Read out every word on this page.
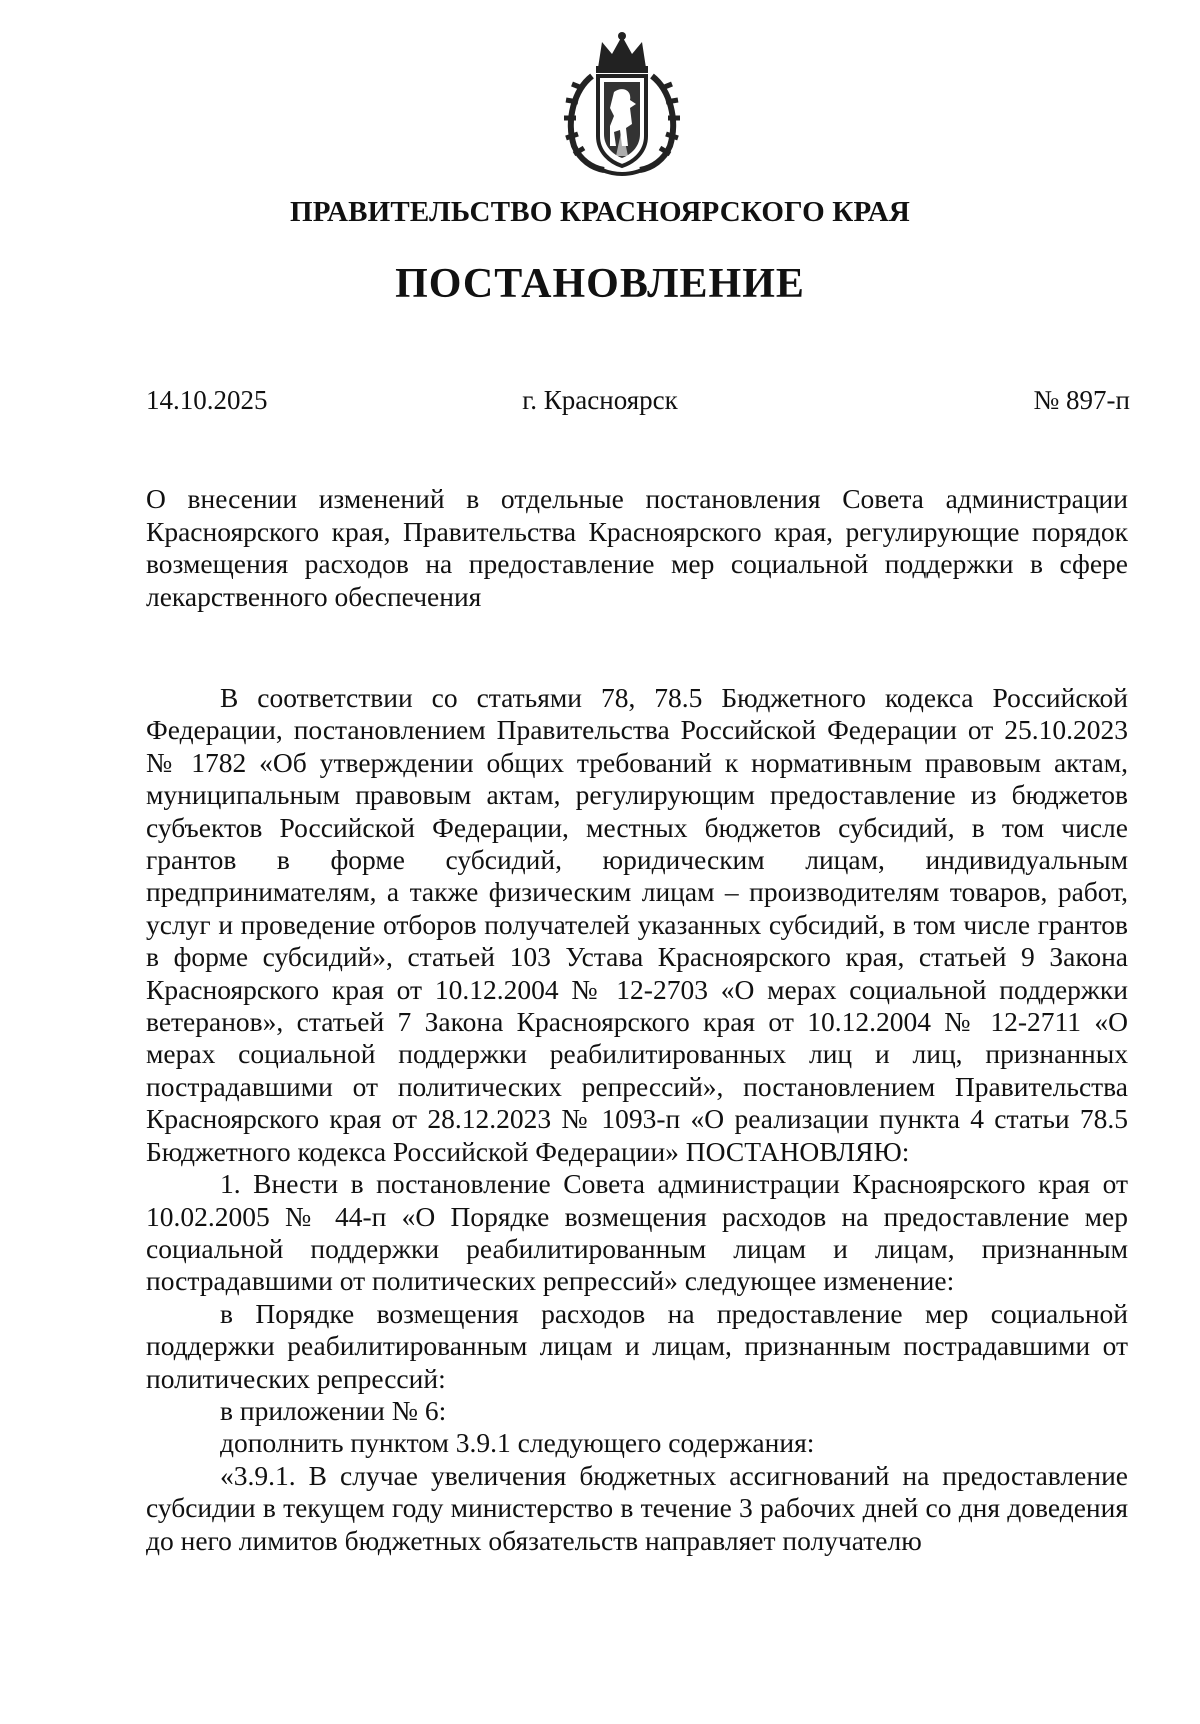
ПРАВИТЕЛЬСТВО КРАСНОЯРСКОГО КРАЯ
ПОСТАНОВЛЕНИЕ
14.10.2025	г. Красноярск	№ 897-п
О внесении изменений в отдельные постановления Совета администрации Красноярского края, Правительства Красноярского края, регулирующие порядок возмещения расходов на предоставление мер социальной поддержки в сфере лекарственного обеспечения

В соответствии со статьями 78, 78.5 Бюджетного кодекса Российской Федерации, постановлением Правительства Российской Федерации от 25.10.2023 № 1782 «Об утверждении общих требований к нормативным правовым актам, муниципальным правовым актам, регулирующим предоставление из бюджетов субъектов Российской Федерации, местных бюджетов субсидий, в том числе грантов в форме субсидий, юридическим лицам, индивидуальным предпринимателям, а также физическим лицам – производителям товаров, работ, услуг и проведение отборов получателей указанных субсидий, в том числе грантов в форме субсидий», статьей 103 Устава Красноярского края, статьей 9 Закона Красноярского края от 10.12.2004 № 12-2703 «О мерах социальной поддержки ветеранов», статьей 7 Закона Красноярского края от 10.12.2004 № 12-2711 «О мерах социальной поддержки реабилитированных лиц и лиц, признанных пострадавшими от политических репрессий», постановлением Правительства Красноярского края от 28.12.2023 № 1093-п «О реализации пункта 4 статьи 78.5 Бюджетного кодекса Российской Федерации» ПОСТАНОВЛЯЮ:

1. Внести в постановление Совета администрации Красноярского края от 10.02.2005 № 44-п «О Порядке возмещения расходов на предоставление мер социальной поддержки реабилитированным лицам и лицам, признанным пострадавшими от политических репрессий» следующее изменение:

в Порядке возмещения расходов на предоставление мер социальной поддержки реабилитированным лицам и лицам, признанным пострадавшими от политических репрессий:

в приложении № 6:

дополнить пунктом 3.9.1 следующего содержания:

«3.9.1. В случае увеличения бюджетных ассигнований на предоставление субсидии в текущем году министерство в течение 3 рабочих дней со дня доведения до него лимитов бюджетных обязательств направляет получателю
